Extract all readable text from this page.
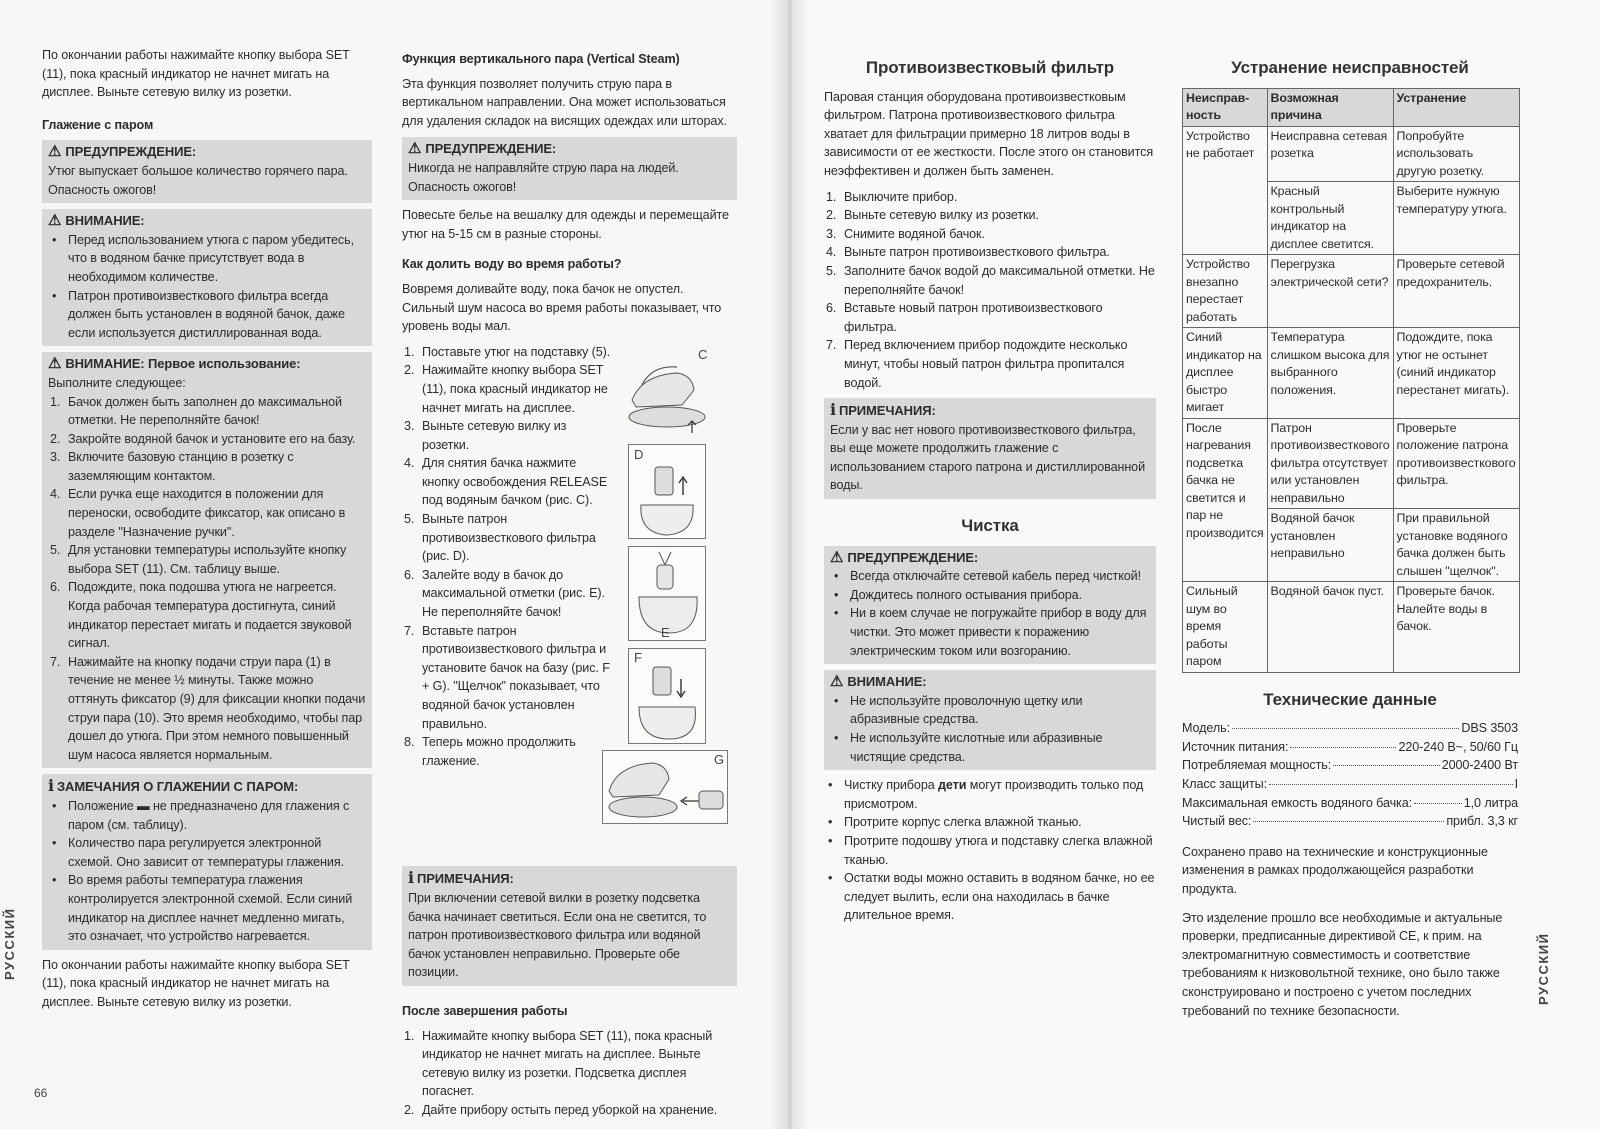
По окончании работы нажимайте кнопку выбора SET (11), пока красный индикатор не начнет мигать на дисплее. Выньте сетевую вилку из розетки.

Глажение с паром
⚠ ПРЕДУПРЕЖДЕНИЕ:
Утюг выпускает большое количество горячего пара. Опасность ожогов!
⚠ ВНИМАНИЕ:
• Перед использованием утюга с паром убедитесь, что в водяном бачке присутствует вода в необходимом количестве.
• Патрон противоизвесткового фильтра всегда должен быть установлен в водяной бачок, даже если используется дистиллированная вода.
⚠ ВНИМАНИЕ: Первое использование:
Выполните следующее:
1. Бачок должен быть заполнен до максимальной отметки. Не переполняйте бачок!
2. Закройте водяной бачок и установите его на базу.
3. Включите базовую станцию в розетку с заземляющим контактом.
4. Если ручка еще находится в положении для переноски, освободите фиксатор, как описано в разделе "Назначение ручки".
5. Для установки температуры используйте кнопку выбора SET (11). См. таблицу выше.
6. Подождите, пока подошва утюга не нагреется. Когда рабочая температура достигнута, синий индикатор перестает мигать и подается звуковой сигнал.
7. Нажимайте на кнопку подачи струи пара (1) в течение не менее ½ минуты. Также можно оттянуть фиксатор (9) для фиксации кнопки подачи струи пара (10). Это время необходимо, чтобы пар дошел до утюга. При этом немного повышенный шум насоса является нормальным.
i ЗАМЕЧАНИЯ О ГЛАЖЕНИИ С ПАРОМ:
• Положение ▬ не предназначено для глажения с паром (см. таблицу).
• Количество пара регулируется электронной схемой. Оно зависит от температуры глажения.
• Во время работы температура глажения контролируется электронной схемой. Если синий индикатор на дисплее начнет медленно мигать, это означает, что устройство нагревается.

По окончании работы нажимайте кнопку выбора SET (11), пока красный индикатор не начнет мигать на дисплее. Выньте сетевую вилку из розетки.

Функция вертикального пара (Vertical Steam)

Эта функция позволяет получить струю пара в вертикальном направлении. Она может использоваться для удаления складок на висящих одеждах или шторах.

⚠ ПРЕДУПРЕЖДЕНИЕ:
Никогда не направляйте струю пара на людей. Опасность ожогов!

Повесьте белье на вешалку для одежды и перемещайте утюг на 5-15 см в разные стороны.

Как долить воду во время работы?

Вовремя доливайте воду, пока бачок не опустел. Сильный шум насоса во время работы показывает, что уровень воды мал.

1. Поставьте утюг на подставку (5).
2. Нажимайте кнопку выбора SET (11), пока красный индикатор не начнет мигать на дисплее.
3. Выньте сетевую вилку из розетки.
4. Для снятия бачка нажмите кнопку освобождения RELEASE под водяным бачком (рис. C).
5. Выньте патрон противоизвесткового фильтра (рис. D).
6. Залейте воду в бачок до максимальной отметки (рис. E). Не переполняйте бачок!
7. Вставьте патрон противоизвесткового фильтра и установите бачок на базу (рис. F + G). "Щелчок" показывает, что водяной бачок установлен правильно.
8. Теперь можно продолжить глажение.
i ПРИМЕЧАНИЯ:
При включении сетевой вилки в розетку подсветка бачка начинает светиться. Если она не светится, то патрон противоизвесткового фильтра или водяной бачок установлен неправильно. Проверьте обе позиции.
После завершения работы
1. Нажимайте кнопку выбора SET (11), пока красный индикатор не начнет мигать на дисплее. Выньте сетевую вилку из розетки. Подсветка дисплея погаснет.
2. Дайте прибору остыть перед уборкой на хранение.
C
D
E
F
G
РУССКИЙ
66
Противоизвестковый фильтр

Паровая станция оборудована противоизвестковым фильтром. Патрона противоизвесткового фильтра хватает для фильтрации примерно 18 литров воды в зависимости от ее жесткости. После этого он становится неэффективен и должен быть заменен.

1. Выключите прибор.
2. Выньте сетевую вилку из розетки.
3. Снимите водяной бачок.
4. Выньте патрон противоизвесткового фильтра.
5. Заполните бачок водой до максимальной отметки. Не переполняйте бачок!
6. Вставьте новый патрон противоизвесткового фильтра.
7. Перед включением прибор подождите несколько минут, чтобы новый патрон фильтра пропитался водой.
i ПРИМЕЧАНИЯ:
Если у вас нет нового противоизвесткового фильтра, вы еще можете продолжить глажение с использованием старого патрона и дистиллированной воды.
Чистка
⚠ ПРЕДУПРЕЖДЕНИЕ:
• Всегда отключайте сетевой кабель перед чисткой!
• Дождитесь полного остывания прибора.
• Ни в коем случае не погружайте прибор в воду для чистки. Это может привести к поражению электрическим током или возгоранию.
⚠ ВНИМАНИЕ:
• Не используйте проволочную щетку или абразивные средства.
• Не используйте кислотные или абразивные чистящие средства.
• Чистку прибора дети могут производить только под присмотром.
• Протрите корпус слегка влажной тканью.
• Протрите подошву утюга и подставку слегка влажной тканью.
• Остатки воды можно оставить в водяном бачке, но ее следует вылить, если она находилась в бачке длительное время.
Устранение неисправностей
Неисправ-ность	Возможная причина	Устранение
Устройство не работает	Неисправна сетевая розетка	Попробуйте использовать другую розетку.
	Красный контрольный индикатор на дисплее светится.	Выберите нужную температуру утюга.
Устройство внезапно перестает работать	Перегрузка электрической сети?	Проверьте сетевой предохранитель.
Синий индикатор на дисплее быстро мигает	Температура слишком высока для выбранного положения.	Подождите, пока утюг не остынет (синий индикатор перестанет мигать).
После нагревания подсветка бачка не светится и пар не производится	Патрон противоизвесткового фильтра отсутствует или установлен неправильно	Проверьте положение патрона противоизвесткового фильтра.
	Водяной бачок установлен неправильно	При правильной установке водяного бачка должен быть слышен "щелчок".
Сильный шум во время работы паром	Водяной бачок пуст.	Проверьте бачок. Налейте воды в бачок.
Технические данные
Модель:	DBS 3503
Источник питания:	220-240 В~, 50/60 Гц
Потребляемая мощность:	2000-2400 Вт
Класс защиты:	I
Максимальная емкость водяного бачка:	1,0 литра
Чистый вес:	прибл. 3,3 кг

Сохранено право на технические и конструкционные изменения в рамках продолжающейся разработки продукта.

Это изделение прошло все необходимые и актуальные проверки, предписанные директивой CE, к прим. на электромагнитную совместимость и соответствие требованиям к низковольтной технике, оно было также сконструировано и построено с учетом последних требований по технике безопасности.

РУССКИЙ
